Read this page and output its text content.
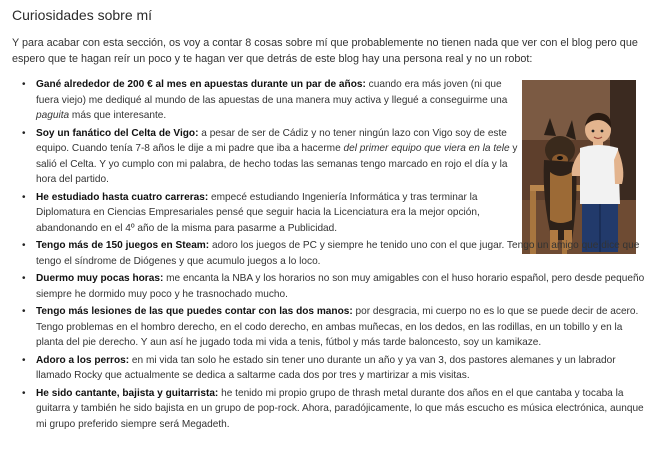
Curiosidades sobre mí

Y para acabar con esta sección, os voy a contar 8 cosas sobre mí que probablemente no tienen nada que ver con el blog pero que espero que te hagan reír un poco y te hagan ver que detrás de este blog hay una persona real y no un robot:

• Gané alrededor de 200 € al mes en apuestas durante un par de años: cuando era más joven (ni que fuera viejo) me dediqué al mundo de las apuestas de una manera muy activa y llegué a conseguirme una paguita más que interesante.
• Soy un fanático del Celta de Vigo: a pesar de ser de Cádiz y no tener ningún lazo con Vigo soy de este equipo. Cuando tenía 7-8 años le dije a mi padre que iba a hacerme del primer equipo que viera en la tele y salió el Celta. Y yo cumplo con mi palabra, de hecho todas las semanas tengo marcado en rojo el día y la hora del partido.
• He estudiado hasta cuatro carreras: empecé estudiando Ingeniería Informática y tras terminar la Diplomatura en Ciencias Empresariales pensé que seguir hacia la Licenciatura era la mejor opción, abandonando en el 4º año de la misma para pasarme a Publicidad.
• Tengo más de 150 juegos en Steam: adoro los juegos de PC y siempre he tenido uno con el que jugar. Tengo un amigo que dice que tengo el síndrome de Diógenes y que acumulo juegos a lo loco.
• Duermo muy pocas horas: me encanta la NBA y los horarios no son muy amigables con el huso horario español, pero desde pequeño siempre he dormido muy poco y he trasnochado mucho.
• Tengo más lesiones de las que puedes contar con las dos manos: por desgracia, mi cuerpo no es lo que se puede decir de acero. Tengo problemas en el hombro derecho, en el codo derecho, en ambas muñecas, en los dedos, en las rodillas, en un tobillo y en la planta del pie derecho. Y aun así he jugado toda mi vida a tenis, fútbol y más tarde baloncesto, soy un kamikaze.
• Adoro a los perros: en mi vida tan solo he estado sin tener uno durante un año y ya van 3, dos pastores alemanes y un labrador llamado Rocky que actualmente se dedica a saltarme cada dos por tres y martirizar a mis visitas.
• He sido cantante, bajista y guitarrista: he tenido mi propio grupo de thrash metal durante dos años en el que cantaba y tocaba la guitarra y también he sido bajista en un grupo de pop-rock. Ahora, paradójicamente, lo que más escucho es música electrónica, aunque mi grupo preferido siempre será Megadeth.
